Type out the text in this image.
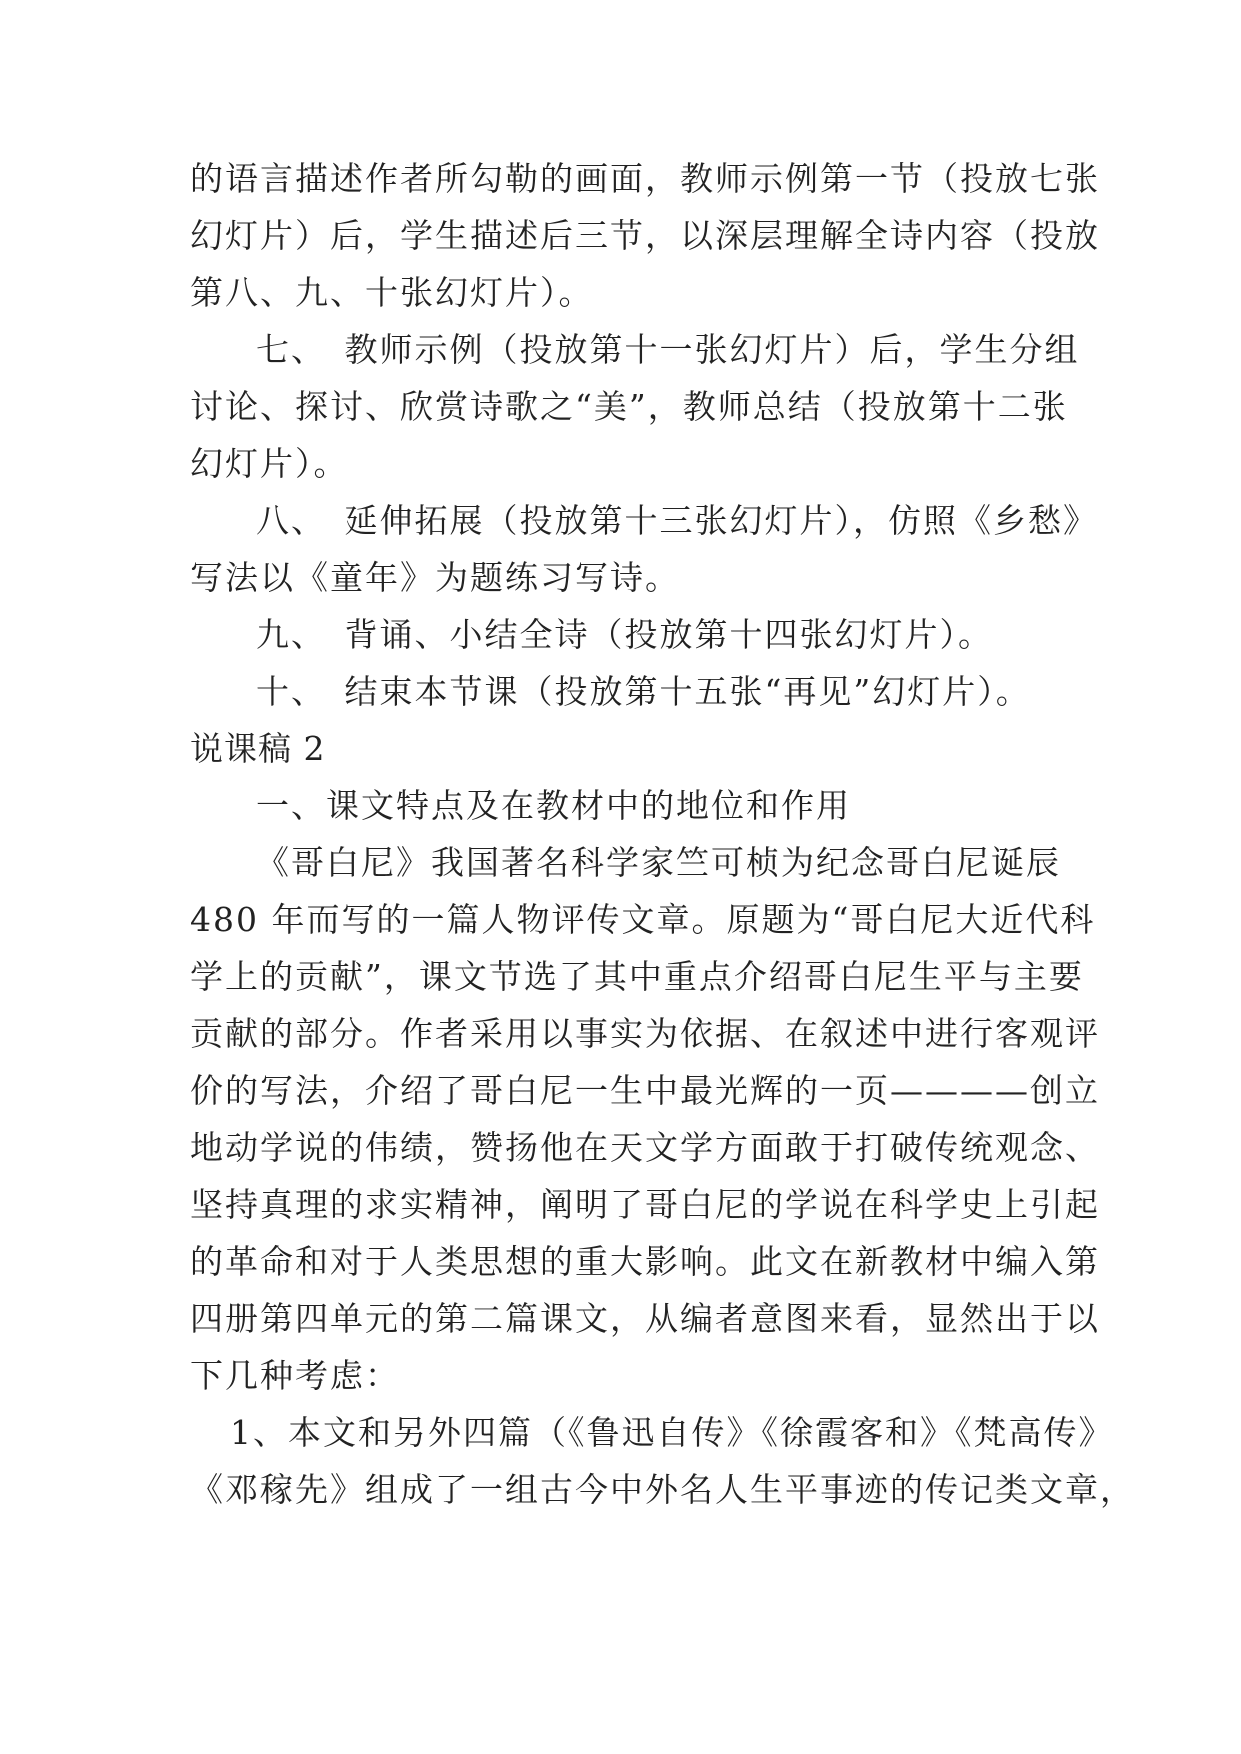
的语言描述作者所勾勒的画面，教师示例第一节（投放七张
幻灯片）后，学生描述后三节，以深层理解全诗内容（投放
第八、九、十张幻灯片）。
七、　教师示例（投放第十一张幻灯片）后，学生分组
讨论、探讨、欣赏诗歌之“美”，教师总结（投放第十二张
幻灯片）。
八、　延伸拓展（投放第十三张幻灯片），仿照《乡愁》
写法以《童年》为题练习写诗。
九、　背诵、小结全诗（投放第十四张幻灯片）。
十、　结束本节课（投放第十五张“再见”幻灯片）。
说课稿 2
一、课文特点及在教材中的地位和作用
《哥白尼》我国著名科学家竺可桢为纪念哥白尼诞辰
480 年而写的一篇人物评传文章。原题为“哥白尼大近代科
学上的贡献”，课文节选了其中重点介绍哥白尼生平与主要
贡献的部分。作者采用以事实为依据、在叙述中进行客观评
价的写法，介绍了哥白尼一生中最光辉的一页————创立
地动学说的伟绩，赞扬他在天文学方面敢于打破传统观念、
坚持真理的求实精神，阐明了哥白尼的学说在科学史上引起
的革命和对于人类思想的重大影响。此文在新教材中编入第
四册第四单元的第二篇课文，从编者意图来看，显然出于以
下几种考虑：
1、本文和另外四篇（《鲁迅自传》《徐霞客和》《梵高传》
《邓稼先》组成了一组古今中外名人生平事迹的传记类文章，
